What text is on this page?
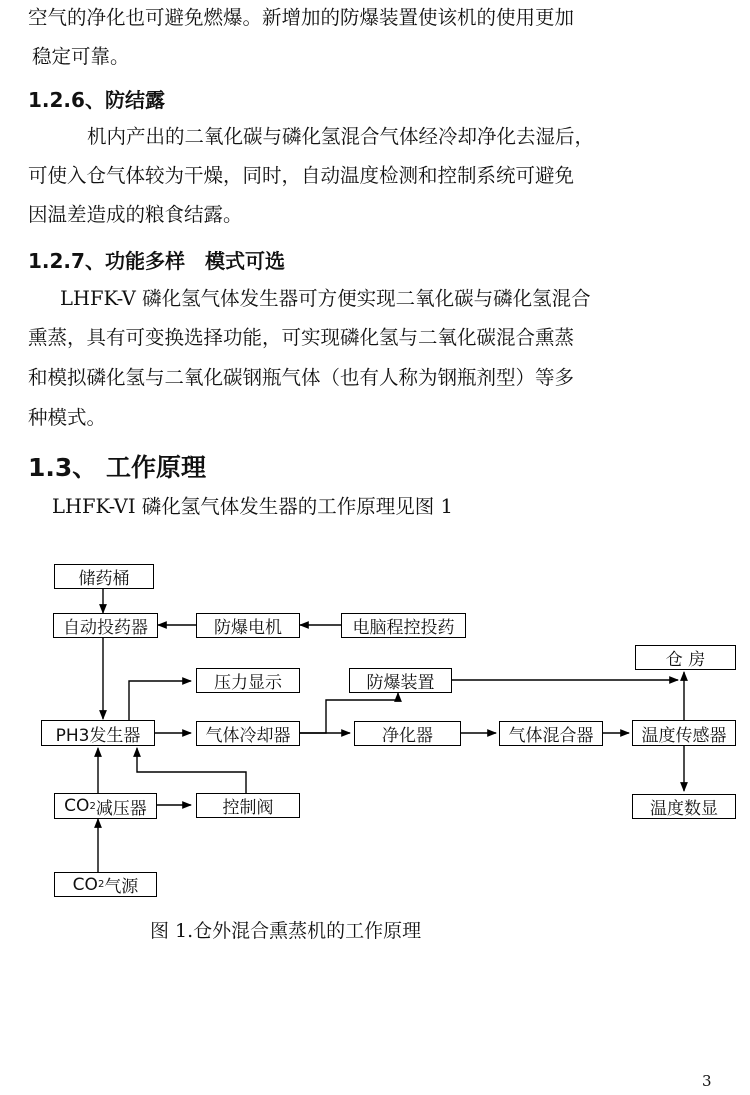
空气的净化也可避免燃爆。新增加的防爆装置使该机的使用更加
稳定可靠。
1.2.6、防结露
机内产出的二氧化碳与磷化氢混合气体经冷却净化去湿后，
可使入仓气体较为干燥，同时，自动温度检测和控制系统可避免
因温差造成的粮食结露。
1.2.7、功能多样　模式可选
LHFK-V 磷化氢气体发生器可方便实现二氧化碳与磷化氢混合
熏蒸，具有可变换选择功能，可实现磷化氢与二氧化碳混合熏蒸
和模拟磷化氢与二氧化碳钢瓶气体（也有人称为钢瓶剂型）等多
种模式。
1.3、 工作原理
LHFK-VI 磷化氢气体发生器的工作原理见图 1
储药桶
自动投药器	防爆电机	电脑程控投药
压力显示	防爆装置
仓 房
PH3发生器	气体冷却器	净化器	气体混合器	温度传感器
CO 2 减压器	控制阀	温度数显
CO 2 气源
图 1.仓外混合熏蒸机的工作原理
3
